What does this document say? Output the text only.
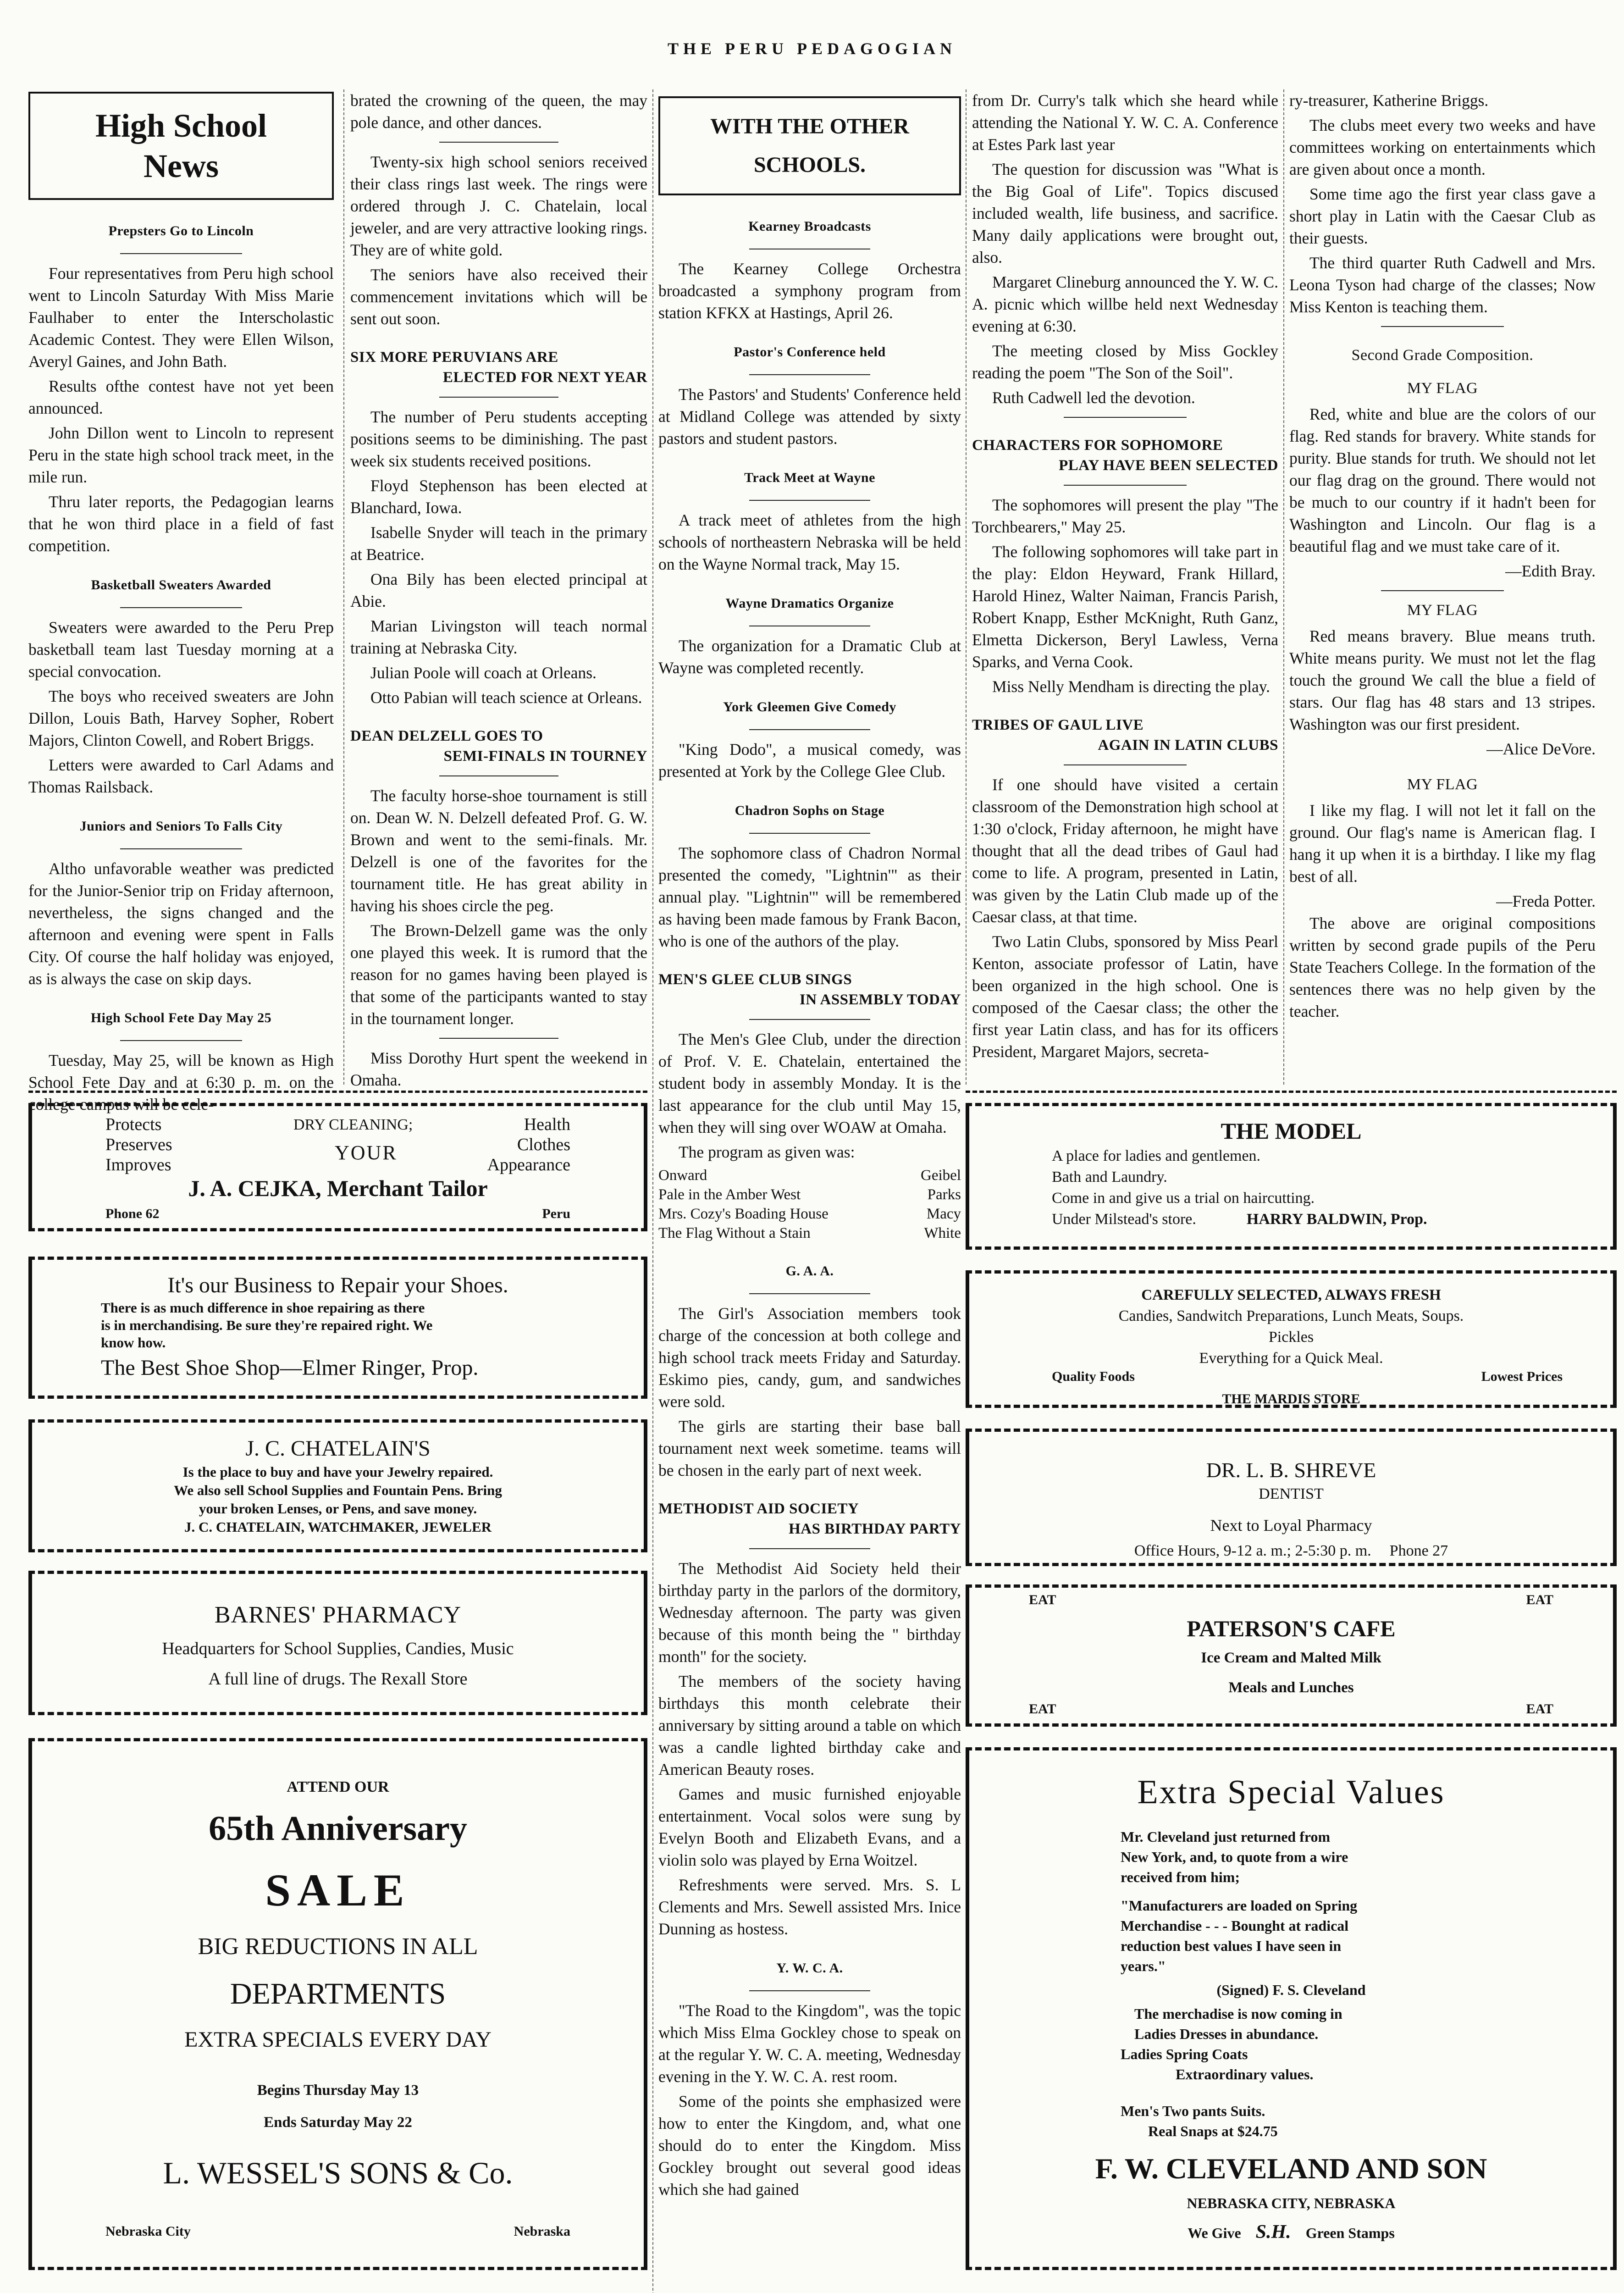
THE PERU PEDAGOGIAN
High School
News
Prepsters Go to Lincoln

Four representatives from Peru high school went to Lincoln Saturday With Miss Marie Faulhaber to enter the Interscholastic Academic Contest. They were Ellen Wilson, Averyl Gaines, and John Bath.

Results ofthe contest have not yet been announced.

John Dillon went to Lincoln to represent Peru in the state high school track meet, in the mile run.

Thru later reports, the Pedagogian learns that he won third place in a field of fast competition.

Basketball Sweaters Awarded

Sweaters were awarded to the Peru Prep basketball team last Tuesday morning at a special convocation.

The boys who received sweaters are John Dillon, Louis Bath, Harvey Sopher, Robert Majors, Clinton Cowell, and Robert Briggs.

Letters were awarded to Carl Adams and Thomas Railsback.

Juniors and Seniors To Falls City

Altho unfavorable weather was predicted for the Junior-Senior trip on Friday afternoon, nevertheless, the signs changed and the afternoon and evening were spent in Falls City. Of course the half holiday was enjoyed, as is always the case on skip days.

High School Fete Day May 25

Tuesday, May 25, will be known as High School Fete Day and at 6:30 p. m. on the college campus will be cele-

brated the crowning of the queen, the may pole dance, and other dances.

Twenty-six high school seniors received their class rings last week. The rings were ordered through J. C. Chatelain, local jeweler, and are very attractive looking rings. They are of white gold.

The seniors have also received their commencement invitations which will be sent out soon.

SIX MORE PERUVIANS ARE
ELECTED FOR NEXT YEAR

The number of Peru students accepting positions seems to be diminishing. The past week six students received positions.

Floyd Stephenson has been elected at Blanchard, Iowa.

Isabelle Snyder will teach in the primary at Beatrice.

Ona Bily has been elected principal at Abie.

Marian Livingston will teach normal training at Nebraska City.

Julian Poole will coach at Orleans.

Otto Pabian will teach science at Orleans.

DEAN DELZELL GOES TO
SEMI-FINALS IN TOURNEY

The faculty horse-shoe tournament is still on. Dean W. N. Delzell defeated Prof. G. W. Brown and went to the semi-finals. Mr. Delzell is one of the favorites for the tournament title. He has great ability in having his shoes circle the peg.

The Brown-Delzell game was the only one played this week. It is rumord that the reason for no games having been played is that some of the participants wanted to stay in the tournament longer.

Miss Dorothy Hurt spent the weekend in Omaha.

WITH THE OTHER
SCHOOLS.
Kearney Broadcasts

The Kearney College Orchestra broadcasted a symphony program from station KFKX at Hastings, April 26.

Pastor's Conference held

The Pastors' and Students' Conference held at Midland College was attended by sixty pastors and student pastors.

Track Meet at Wayne

A track meet of athletes from the high schools of northeastern Nebraska will be held on the Wayne Normal track, May 15.

Wayne Dramatics Organize

The organization for a Dramatic Club at Wayne was completed recently.

York Gleemen Give Comedy

"King Dodo", a musical comedy, was presented at York by the College Glee Club.

Chadron Sophs on Stage

The sophomore class of Chadron Normal presented the comedy, "Lightnin'" as their annual play. "Lightnin'" will be remembered as having been made famous by Frank Bacon, who is one of the authors of the play.

MEN'S GLEE CLUB SINGS
IN ASSEMBLY TODAY

The Men's Glee Club, under the direction of Prof. V. E. Chatelain, entertained the student body in assembly Monday. It is the last appearance for the club until May 15, when they will sing over WOAW at Omaha.

The program as given was:

Onward	Geibel
Pale in the Amber West	Parks
Mrs. Cozy's Boading House	Macy
The Flag Without a Stain	White
G. A. A.

The Girl's Association members took charge of the concession at both college and high school track meets Friday and Saturday. Eskimo pies, candy, gum, and sandwiches were sold.

The girls are starting their base ball tournament next week sometime. teams will be chosen in the early part of next week.

METHODIST AID SOCIETY
HAS BIRTHDAY PARTY

The Methodist Aid Society held their birthday party in the parlors of the dormitory, Wednesday afternoon. The party was given because of this month being the " birthday month" for the society.

The members of the society having birthdays this month celebrate their anniversary by sitting around a table on which was a candle lighted birthday cake and American Beauty roses.

Games and music furnished enjoyable entertainment. Vocal solos were sung by Evelyn Booth and Elizabeth Evans, and a violin solo was played by Erna Woitzel.

Refreshments were served. Mrs. S. L Clements and Mrs. Sewell assisted Mrs. Inice Dunning as hostess.

Y. W. C. A.

"The Road to the Kingdom", was the topic which Miss Elma Gockley chose to speak on at the regular Y. W. C. A. meeting, Wednesday evening in the Y. W. C. A. rest room.

Some of the points she emphasized were how to enter the Kingdom, and, what one should do to enter the Kingdom. Miss Gockley brought out several good ideas which she had gained

from Dr. Curry's talk which she heard while attending the National Y. W. C. A. Conference at Estes Park last year

The question for discussion was "What is the Big Goal of Life". Topics discused included wealth, life business, and sacrifice. Many daily applications were brought out, also.

Margaret Clineburg announced the Y. W. C. A. picnic which willbe held next Wednesday evening at 6:30.

The meeting closed by Miss Gockley reading the poem "The Son of the Soil".

Ruth Cadwell led the devotion.

CHARACTERS FOR SOPHOMORE
PLAY HAVE BEEN SELECTED

The sophomores will present the play "The Torchbearers," May 25.

The following sophomores will take part in the play: Eldon Heyward, Frank Hillard, Harold Hinez, Walter Naiman, Francis Parish, Robert Knapp, Esther McKnight, Ruth Ganz, Elmetta Dickerson, Beryl Lawless, Verna Sparks, and Verna Cook.

Miss Nelly Mendham is directing the play.

TRIBES OF GAUL LIVE
AGAIN IN LATIN CLUBS

If one should have visited a certain classroom of the Demonstration high school at 1:30 o'clock, Friday afternoon, he might have thought that all the dead tribes of Gaul had come to life. A program, presented in Latin, was given by the Latin Club made up of the Caesar class, at that time.

Two Latin Clubs, sponsored by Miss Pearl Kenton, associate professor of Latin, have been organized in the high school. One is composed of the Caesar class; the other the first year Latin class, and has for its officers President, Margaret Majors, secreta-

ry-treasurer, Katherine Briggs.

The clubs meet every two weeks and have committees working on entertainments which are given about once a month.

Some time ago the first year class gave a short play in Latin with the Caesar Club as their guests.

The third quarter Ruth Cadwell and Mrs. Leona Tyson had charge of the classes; Now Miss Kenton is teaching them.

Second Grade Composition.
MY FLAG

Red, white and blue are the colors of our flag. Red stands for bravery. White stands for purity. Blue stands for truth. We should not let our flag drag on the ground. There would not be much to our country if it hadn't been for Washington and Lincoln. Our flag is a beautiful flag and we must take care of it.

—Edith Bray.
MY FLAG

Red means bravery. Blue means truth. White means purity. We must not let the flag touch the ground We call the blue a field of stars. Our flag has 48 stars and 13 stripes. Washington was our first president.

—Alice DeVore.
MY FLAG

I like my flag. I will not let it fall on the ground. Our flag's name is American flag. I hang it up when it is a birthday. I like my flag best of all.

—Freda Potter.

The above are original compositions written by second grade pupils of the Peru State Teachers College. In the formation of the sentences there was no help given by the teacher.

Protects
Preserves
Improves
DRY CLEANING;
YOUR
Health
Clothes
Appearance
J. A. CEJKA, Merchant Tailor
Phone 62	Peru
It's our Business to Repair your Shoes.
There is as much difference in shoe repairing as there
is in merchandising. Be sure they're repaired right. We
know how.
The Best Shoe Shop—Elmer Ringer, Prop.
J. C. CHATELAIN'S
Is the place to buy and have your Jewelry repaired.
We also sell School Supplies and Fountain Pens. Bring
your broken Lenses, or Pens, and save money.
J. C. CHATELAIN, WATCHMAKER, JEWELER
BARNES' PHARMACY
Headquarters for School Supplies, Candies, Music
A full line of drugs. The Rexall Store
ATTEND OUR
65th Anniversary
SALE
BIG REDUCTIONS IN ALL
DEPARTMENTS
EXTRA SPECIALS EVERY DAY
Begins Thursday May 13
Ends Saturday May 22
L. WESSEL'S SONS & Co.
Nebraska City	Nebraska
THE MODEL
A place for ladies and gentlemen.
Bath and Laundry.
Come in and give us a trial on haircutting.
Under Milstead's store.	HARRY BALDWIN, Prop.
CAREFULLY SELECTED, ALWAYS FRESH
Candies, Sandwitch Preparations, Lunch Meats, Soups.
Pickles
Everything for a Quick Meal.
Quality Foods	Lowest Prices
THE MARDIS STORE
DR. L. B. SHREVE
DENTIST
Next to Loyal Pharmacy
Office Hours, 9-12 a. m.; 2-5:30 p. m. Phone 27
EAT	EAT
PATERSON'S CAFE
Ice Cream and Malted Milk
Meals and Lunches
EAT	EAT
Extra Special Values
Mr. Cleveland just returned from
New York, and, to quote from a wire
received from him;
"Manufacturers are loaded on Spring
Merchandise - - - Bounght at radical
reduction best values I have seen in
years."
(Signed) F. S. Cleveland
The merchadise is now coming in
Ladies Dresses in abundance.
Ladies Spring Coats
Extraordinary values.
Men's Two pants Suits.
Real Snaps at $24.75
F. W. CLEVELAND AND SON
NEBRASKA CITY, NEBRASKA
We Give S.H. Green Stamps
